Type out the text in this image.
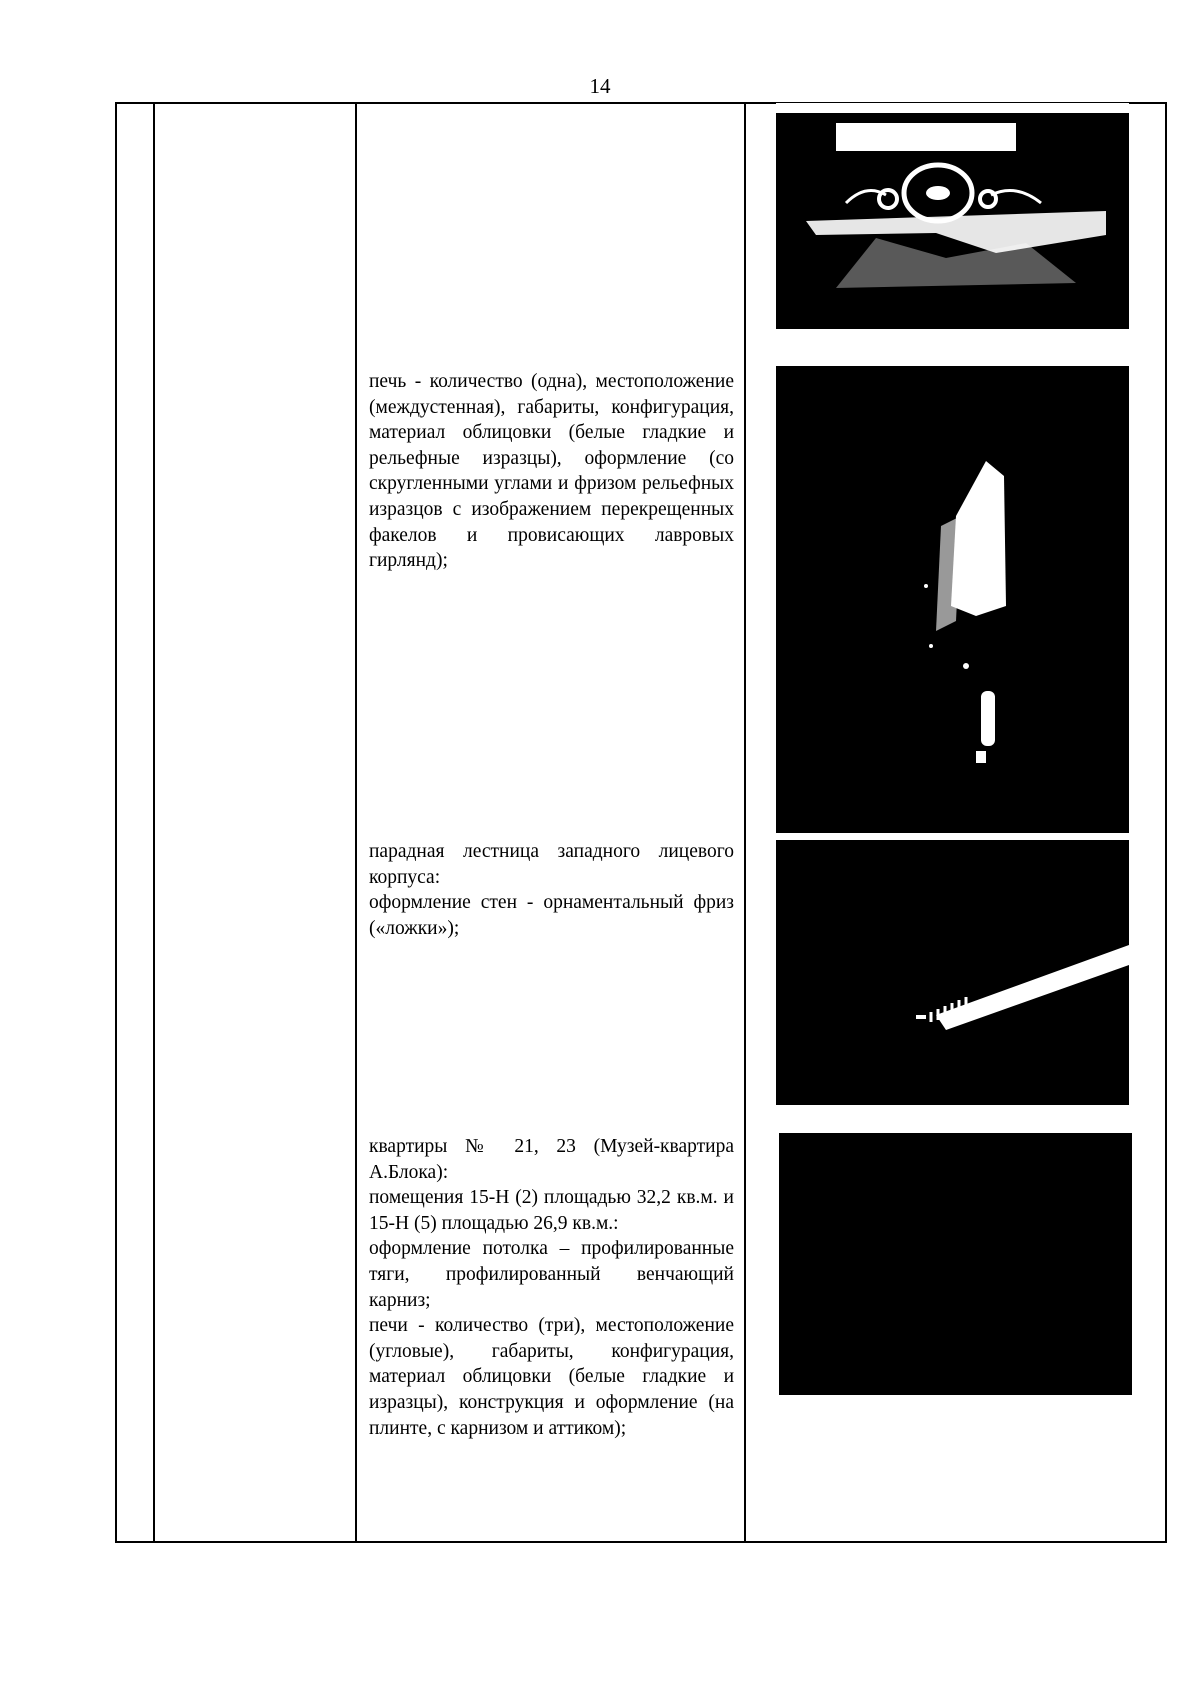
14

печь - количество (одна), местоположение (междустенная), габариты, конфигурация, материал облицовки (белые гладкие и рельефные изразцы), оформление (со скругленными углами и фризом рельефных изразцов с изображением перекрещенных факелов и провисающих лавровых гирлянд);

парадная лестница западного лицевого корпуса:
оформление стен - орнаментальный фриз («ложки»);

квартиры № 21, 23 (Музей-квартира А.Блока):
помещения 15-Н (2) площадью 32,2 кв.м. и 15-Н (5) площадью 26,9 кв.м.:
оформление потолка – профилированные тяги, профилированный венчающий карниз;
печи - количество (три), местоположение (угловые), габариты, конфигурация, материал облицовки (белые гладкие и изразцы), конструкция и оформление (на плинте, с карнизом и аттиком);
